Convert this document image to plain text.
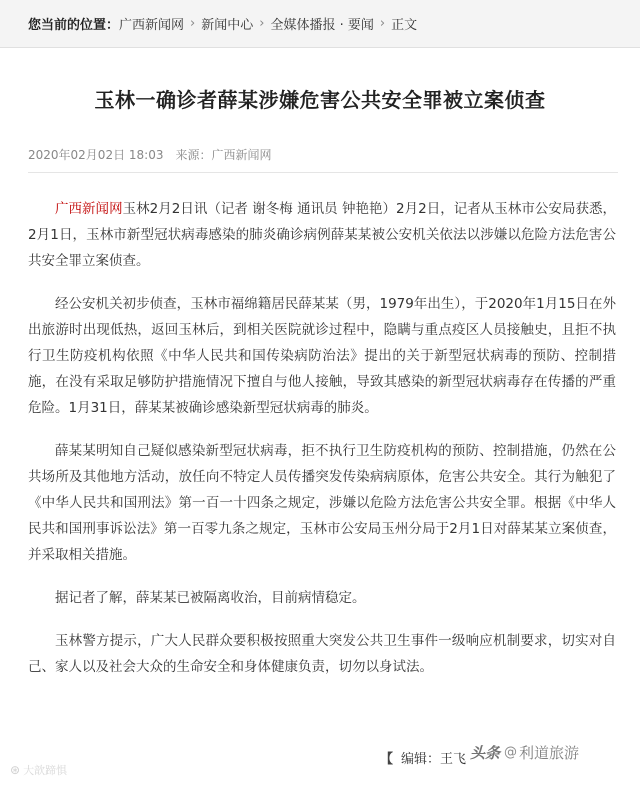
您当前的位置： 广西新闻网 › 新闻中心 › 全媒体播报 · 要闻 › 正文
玉林一确诊者薛某涉嫌危害公共安全罪被立案侦查
2020年02月02日 18:03 来源：广西新闻网

广西新闻网玉林2月2日讯（记者 谢冬梅 通讯员 钟艳艳）2月2日，记者从玉林市公安局获悉，2月1日，玉林市新型冠状病毒感染的肺炎确诊病例薛某某被公安机关依法以涉嫌以危险方法危害公共安全罪立案侦查。

经公安机关初步侦查，玉林市福绵籍居民薛某某（男，1979年出生），于2020年1月15日在外出旅游时出现低热，返回玉林后，到相关医院就诊过程中，隐瞒与重点疫区人员接触史，且拒不执行卫生防疫机构依照《中华人民共和国传染病防治法》提出的关于新型冠状病毒的预防、控制措施，在没有采取足够防护措施情况下擅自与他人接触，导致其感染的新型冠状病毒存在传播的严重危险。1月31日，薛某某被确诊感染新型冠状病毒的肺炎。

薛某某明知自己疑似感染新型冠状病毒，拒不执行卫生防疫机构的预防、控制措施，仍然在公共场所及其他地方活动，放任向不特定人员传播突发传染病病原体，危害公共安全。其行为触犯了《中华人民共和国刑法》第一百一十四条之规定，涉嫌以危险方法危害公共安全罪。根据《中华人民共和国刑事诉讼法》第一百零九条之规定，玉林市公安局玉州分局于2月1日对薛某某立案侦查，并采取相关措施。

据记者了解，薛某某已被隔离收治，目前病情稳定。

玉林警方提示，广大人民群众要积极按照重大突发公共卫生事件一级响应机制要求，切实对自己、家人以及社会大众的生命安全和身体健康负责，切勿以身试法。

【 编辑：王飞
⊛ 大歆蹄惧
头条 @ 利道旅游
